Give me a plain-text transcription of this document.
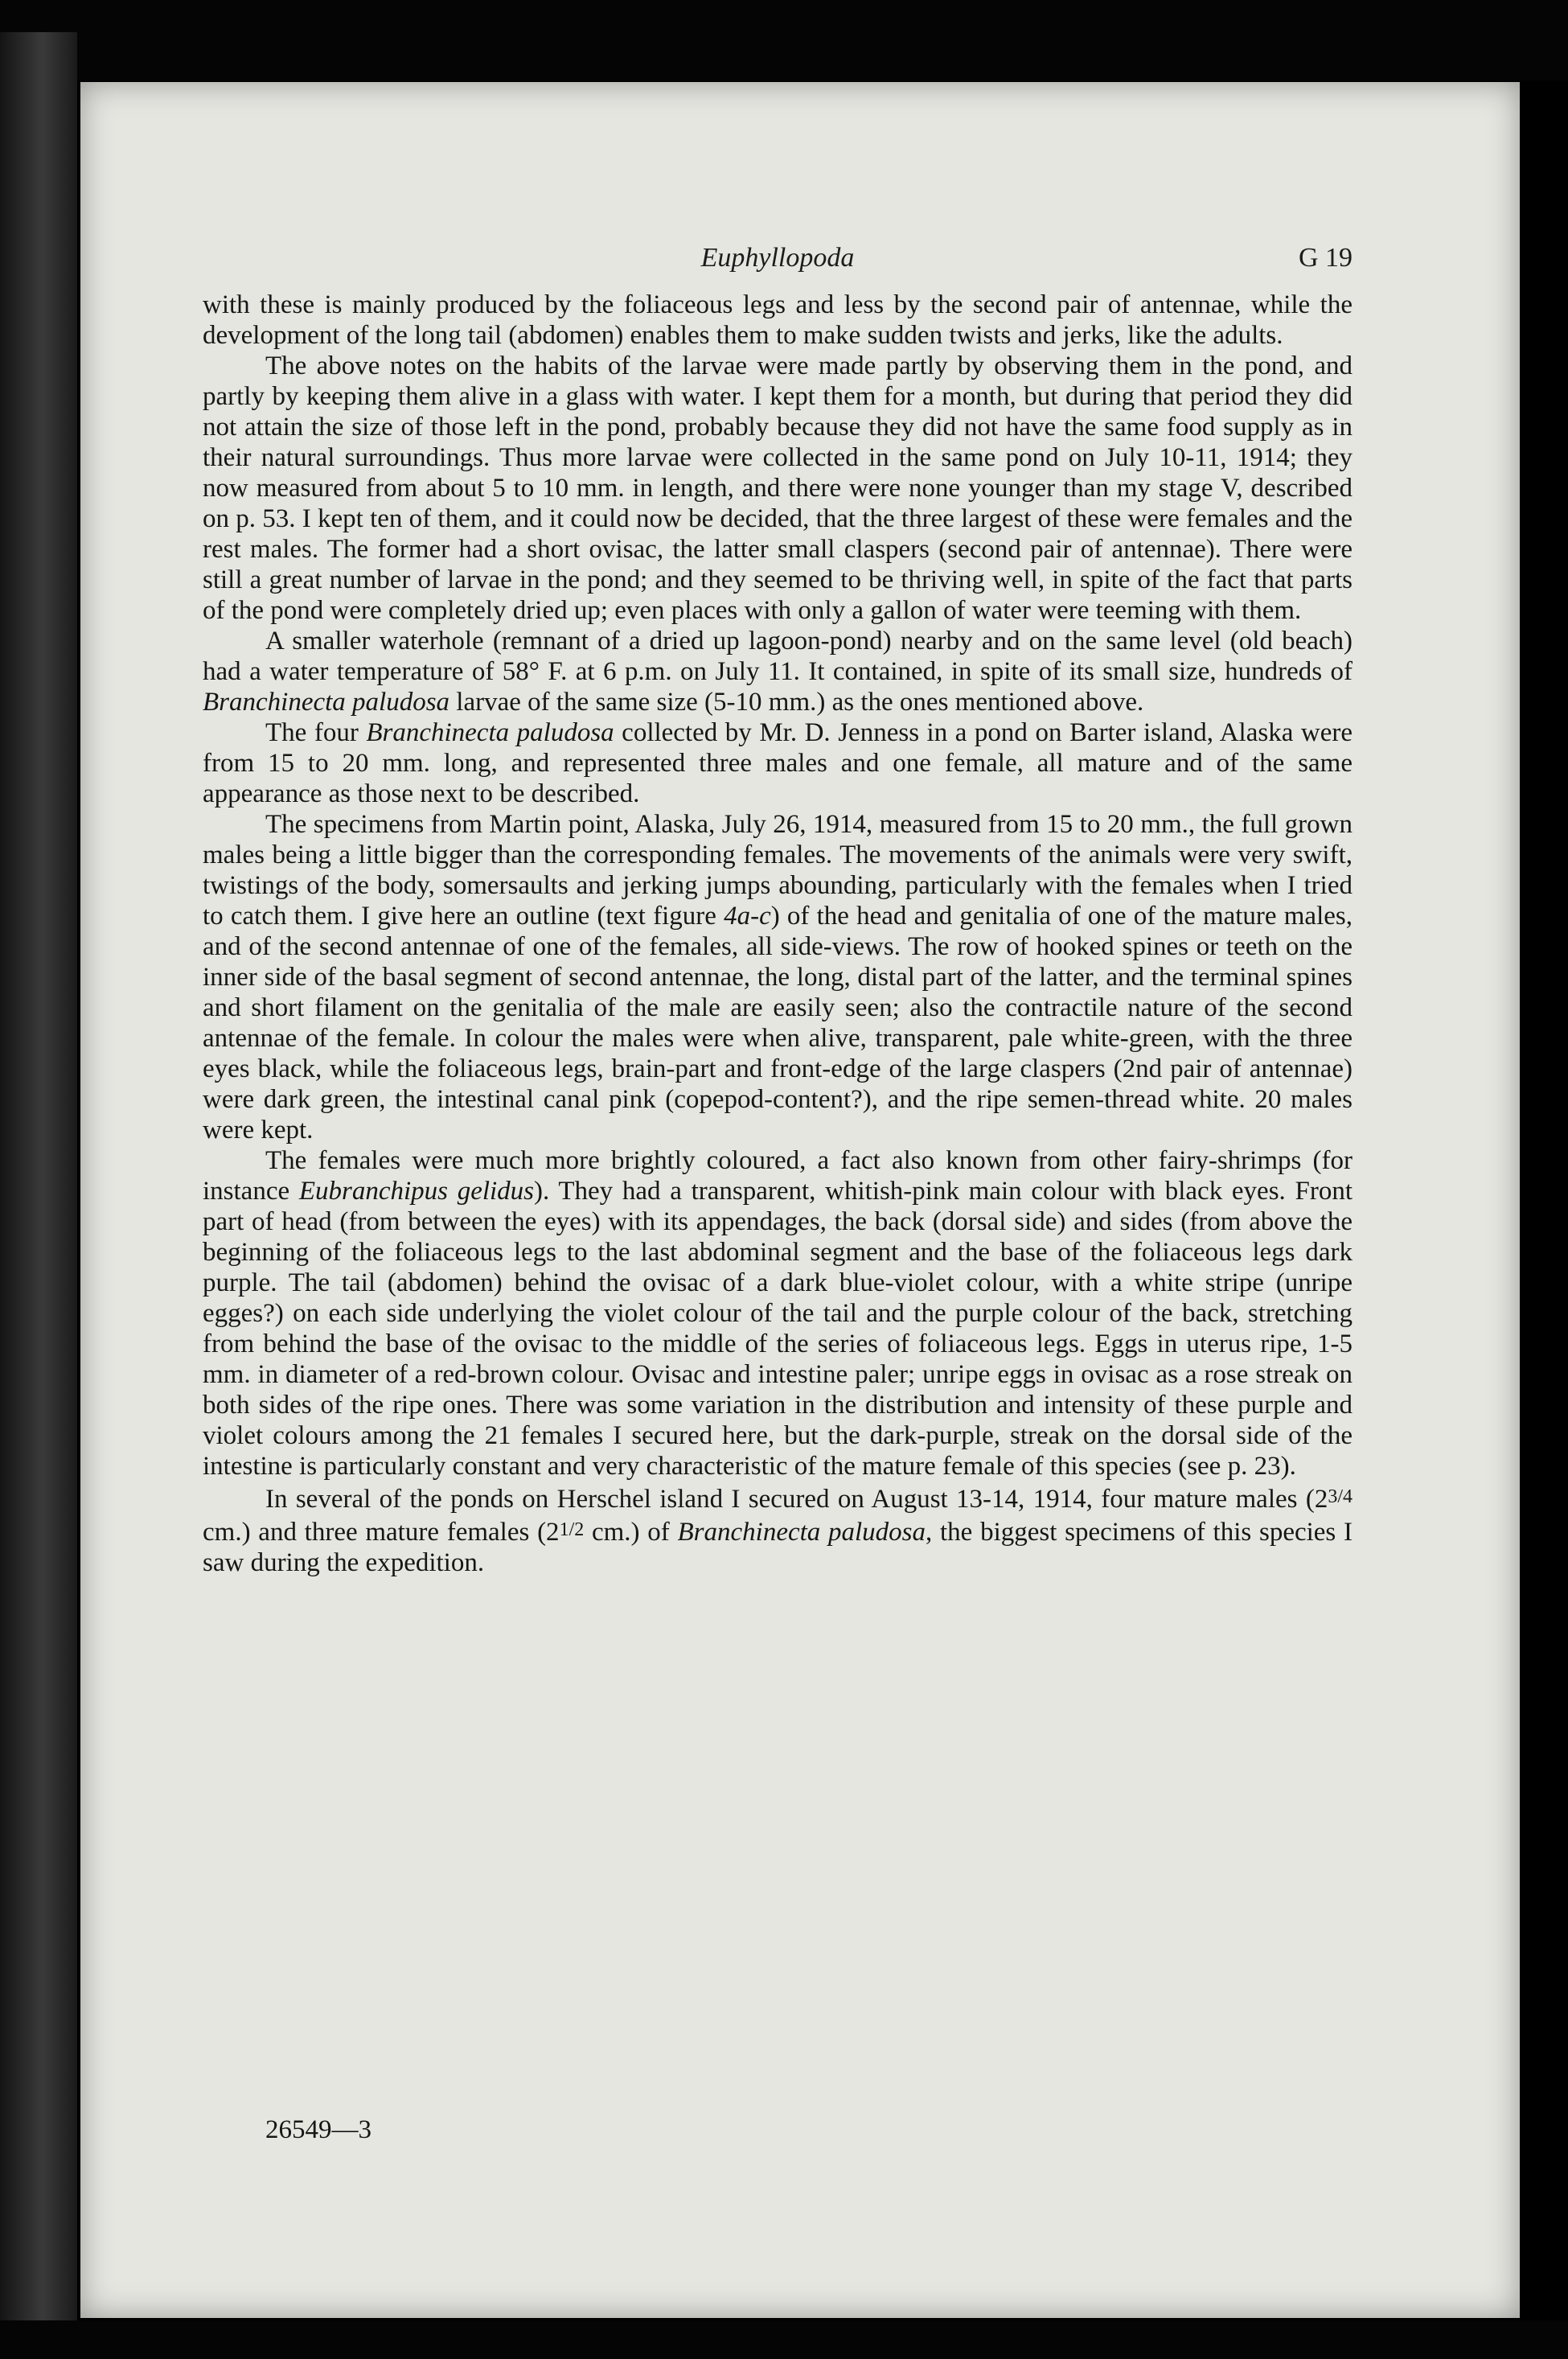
Euphyllopoda	G 19

with these is mainly produced by the foliaceous legs and less by the second pair of antennae, while the development of the long tail (abdomen) enables them to make sudden twists and jerks, like the adults.

The above notes on the habits of the larvae were made partly by observing them in the pond, and partly by keeping them alive in a glass with water. I kept them for a month, but during that period they did not attain the size of those left in the pond, probably because they did not have the same food supply as in their natural surroundings. Thus more larvae were collected in the same pond on July 10-11, 1914; they now measured from about 5 to 10 mm. in length, and there were none younger than my stage V, described on p. 53. I kept ten of them, and it could now be decided, that the three largest of these were females and the rest males. The former had a short ovisac, the latter small claspers (second pair of antennae). There were still a great number of larvae in the pond; and they seemed to be thriving well, in spite of the fact that parts of the pond were completely dried up; even places with only a gallon of water were teeming with them.

A smaller waterhole (remnant of a dried up lagoon-pond) nearby and on the same level (old beach) had a water temperature of 58° F. at 6 p.m. on July 11. It contained, in spite of its small size, hundreds of Branchinecta paludosa larvae of the same size (5-10 mm.) as the ones mentioned above.

The four Branchinecta paludosa collected by Mr. D. Jenness in a pond on Barter island, Alaska were from 15 to 20 mm. long, and represented three males and one female, all mature and of the same appearance as those next to be described.

The specimens from Martin point, Alaska, July 26, 1914, measured from 15 to 20 mm., the full grown males being a little bigger than the corresponding females. The movements of the animals were very swift, twistings of the body, somersaults and jerking jumps abounding, particularly with the females when I tried to catch them. I give here an outline (text figure 4a-c) of the head and genitalia of one of the mature males, and of the second antennae of one of the females, all side-views. The row of hooked spines or teeth on the inner side of the basal segment of second antennae, the long, distal part of the latter, and the terminal spines and short filament on the genitalia of the male are easily seen; also the contractile nature of the second antennae of the female. In colour the males were when alive, transparent, pale white-green, with the three eyes black, while the foliaceous legs, brain-part and front-edge of the large claspers (2nd pair of antennae) were dark green, the intestinal canal pink (copepod-content?), and the ripe semen-thread white. 20 males were kept.

The females were much more brightly coloured, a fact also known from other fairy-shrimps (for instance Eubranchipus gelidus). They had a transparent, whitish-pink main colour with black eyes. Front part of head (from between the eyes) with its appendages, the back (dorsal side) and sides (from above the beginning of the foliaceous legs to the last abdominal segment and the base of the foliaceous legs dark purple. The tail (abdomen) behind the ovisac of a dark blue-violet colour, with a white stripe (unripe egges?) on each side underlying the violet colour of the tail and the purple colour of the back, stretching from behind the base of the ovisac to the middle of the series of foliaceous legs. Eggs in uterus ripe, 1-5 mm. in diameter of a red-brown colour. Ovisac and intestine paler; unripe eggs in ovisac as a rose streak on both sides of the ripe ones. There was some variation in the distribution and intensity of these purple and violet colours among the 21 females I secured here, but the dark-purple, streak on the dorsal side of the intestine is particularly constant and very characteristic of the mature female of this species (see p. 23).

In several of the ponds on Herschel island I secured on August 13-14, 1914, four mature males (23/4 cm.) and three mature females (21/2 cm.) of Branchinecta paludosa, the biggest specimens of this species I saw during the expedition.

26549—3
